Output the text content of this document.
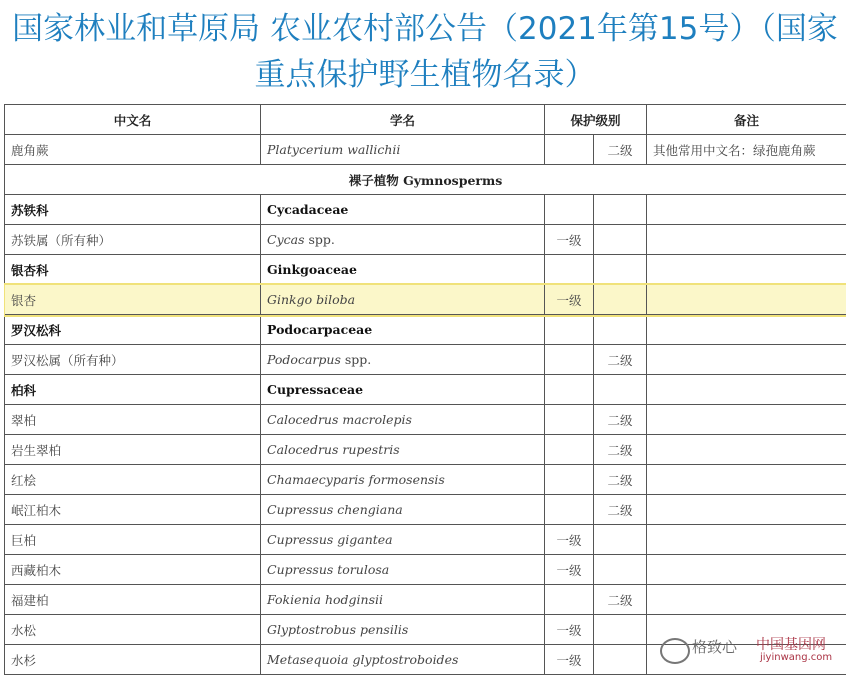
国家林业和草原局 农业农村部公告（2021年第15号）（国家
重点保护野生植物名录）
中文名	学名	保护级别		备注
鹿角蕨	Platycerium wallichii		二级	其他常用中文名：绿孢鹿角蕨
裸子植物 Gymnosperms				
苏铁科	Cycadaceae			
苏铁属（所有种）	Cycas spp.	一级		
银杏科	Ginkgoaceae			
银杏	Ginkgo biloba	一级		
罗汉松科	Podocarpaceae			
罗汉松属（所有种）	Podocarpus spp.		二级	
柏科	Cupressaceae			
翠柏	Calocedrus macrolepis		二级	
岩生翠柏	Calocedrus rupestris		二级	
红桧	Chamaecyparis formosensis		二级	
岷江柏木	Cupressus chengiana		二级	
巨柏	Cupressus gigantea	一级		
西藏柏木	Cupressus torulosa	一级		
福建柏	Fokienia hodginsii		二级	
水松	Glyptostrobus pensilis	一级		
水杉	Metasequoia glyptostroboides	一级		
格致心 中国基因网
jiyinwang.com
